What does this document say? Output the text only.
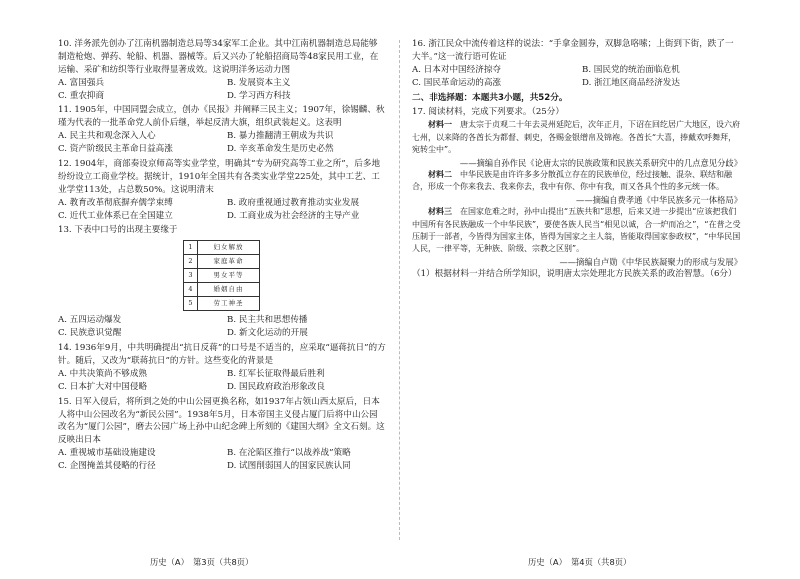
10. 洋务派先创办了江南机器制造总局等34家军工企业。其中江南机器制造总局能够制造枪炮、弹药、轮船、机器、器械等。后又兴办了轮船招商局等48家民用工业，在运输、采矿和纺织等行业取得显著成效。这说明洋务运动力图

A. 富国强兵	B. 发展资本主义
C. 重农抑商	D. 学习西方科技

11. 1905年，中国同盟会成立，创办《民报》并阐释三民主义；1907年，徐锡麟、秋瑾为代表的一批革命党人前仆后继，举起反清大旗，组织武装起义。这表明

A. 民主共和观念深入人心	B. 暴力推翻清王朝成为共识
C. 资产阶级民主革命日益高涨	D. 辛亥革命发生是历史必然

12. 1904年，商部奏设京师高等实业学堂，明确其“专为研究高等工业之所”，后多地纷纷设立工商业学校。据统计，1910年全国共有各类实业学堂225处，其中工艺、工业学堂113处，占总数50%。这说明清末

A. 教育改革彻底摒弃儒学束缚	B. 政府重视通过教育推动实业发展
C. 近代工业体系已在全国建立	D. 工商业成为社会经济的主导产业

13. 下表中口号的出现主要缘于

1	妇女解放
2	家庭革命
3	男女平等
4	婚姻自由
5	劳工神圣
A. 五四运动爆发	B. 民主共和思想传播
C. 民族意识觉醒	D. 新文化运动的开展

14. 1936年9月，中共明确提出“抗日反蒋”的口号是不适当的，应采取“逼蒋抗日”的方针。随后，又改为“联蒋抗日”的方针。这些变化的背景是

A. 中共决策尚不够成熟	B. 红军长征取得最后胜利
C. 日本扩大对中国侵略	D. 国民政府政治形象改良

15. 日军入侵后，将所到之处的中山公园更换名称，如1937年占领山西太原后，日本人将中山公园改名为“新民公园”。1938年5月，日本帝国主义侵占厦门后将中山公园改名为“厦门公园”，磨去公园广场上孙中山纪念碑上所刻的《建国大纲》全文石刻。这反映出日本

A. 重视城市基础设施建设	B. 在沦陷区推行“以战养战”策略
C. 企图掩盖其侵略的行径	D. 试图削弱国人的国家民族认同

16. 浙江民众中流传着这样的说法：“手拿金圆券，双脚急咯嗦；上街到下街，跌了一大半。”这一流行语可佐证

A. 日本对中国经济掠夺	B. 国民党的统治面临危机
C. 国民革命运动的高涨	D. 浙江地区商品经济发达

二、非选择题：本题共3小题，共52分。

17. 阅读材料，完成下列要求。（25分）

材料一　 唐太宗于贞观二十年去灵州延陀后，次年正月，下诏在回纥居广大地区，设六府七州，以来降的各酋长为都督、刺史，各赐金银缯帛及锦袍。各酋长“大喜，捧戴欢呼舞拜，宛转尘中”。

——摘编自孙作民《论唐太宗的民族政策和民族关系研究中的几点意见分歧》

材料二　 中华民族是由许许多多分散孤立存在的民族单位，经过接触、混杂、联结和融合，形成一个你来我去、我来你去，我中有你、你中有我，而又各具个性的多元统一体。

——摘编自费孝通《中华民族多元一体格局》

材料三　 在国家危难之时，孙中山提出“五族共和”思想，后来又进一步提出“应该把我们中国所有各民族融成一个中华民族”，要使各族人民当“相见以诚，合一炉而冶之”，“在普之受压制于一部者，今皆得为国家主体，皆得为国家之主人翁，皆能取得国家参政权”，“中华民国人民，一律平等，无种族、阶级、宗教之区别”。

——摘编自卢勋《中华民族凝聚力的形成与发展》

（1）根据材料一并结合所学知识，说明唐太宗处理北方民族关系的政治智慧。（6分）

历史（A）　第3页（共8页）	历史（A）　第4页（共8页）
